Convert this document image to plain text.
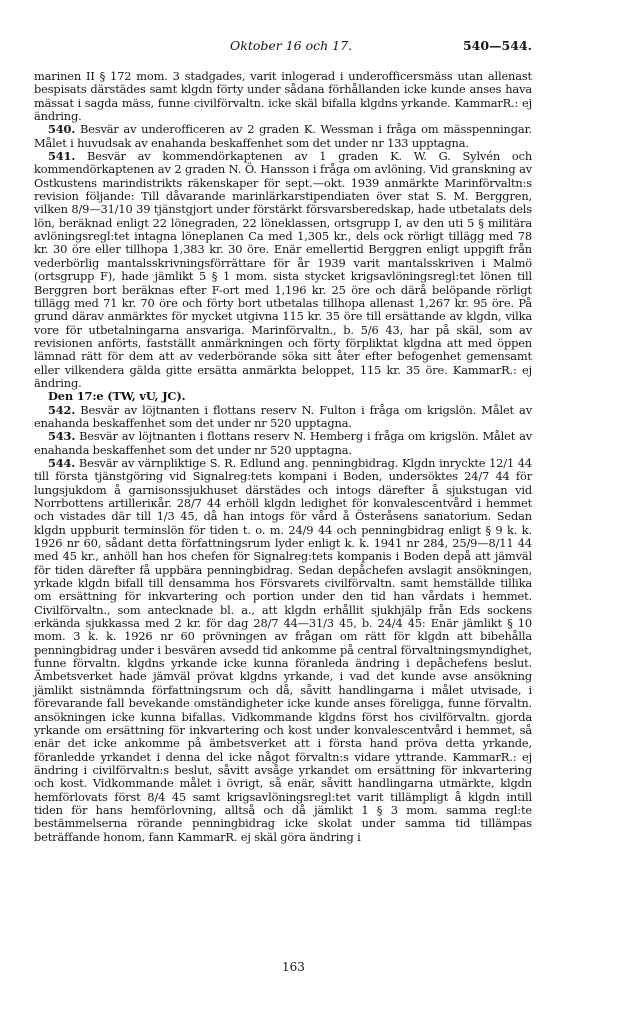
Oktober 16 och 17.	540—544.

marinen II § 172 mom. 3 stadgades, varit inlogerad i underofficersmäss utan allenast bespisats därstädes samt klgdn förty under sådana förhållanden icke kunde anses hava mässat i sagda mäss, funne civilförvaltn. icke skäl bifalla klgdns yrkande. KammarR.: ej ändring.

540. Besvär av underofficeren av 2 graden K. Wessman i fråga om mässpenningar. Målet i huvudsak av enahanda beskaffenhet som det under nr 133 upptagna.

541. Besvär av kommendörkaptenen av 1 graden K. W. G. Sylvén och kommendörkaptenen av 2 graden N. Ö. Hansson i fråga om avlöning. Vid granskning av Ostkustens marindistrikts räkenskaper för sept.—okt. 1939 anmärkte Marinförvaltn:s revision följande: Till dåvarande marinlärkarstipendiaten över stat S. M. Berggren, vilken 8/9—31/10 39 tjänstgjort under förstärkt försvarsberedskap, hade utbetalats dels lön, beräknad enligt 22 lönegraden, 22 löneklassen, ortsgrupp I, av den uti 5 § militära avlöningsregl:tet intagna löneplanen Ca med 1,305 kr., dels ock rörligt tillägg med 78 kr. 30 öre eller tillhopa 1,383 kr. 30 öre. Enär emellertid Berggren enligt uppgift från vederbörlig mantalsskrivningsförrättare för år 1939 varit mantalsskriven i Malmö (ortsgrupp F), hade jämlikt 5 § 1 mom. sista stycket krigsavlöningsregl:tet lönen till Berggren bort beräknas efter F-ort med 1,196 kr. 25 öre och därå belöpande rörligt tillägg med 71 kr. 70 öre och förty bort utbetalas tillhopa allenast 1,267 kr. 95 öre. På grund därav anmärktes för mycket utgivna 115 kr. 35 öre till ersättande av klgdn, vilka vore för utbetalningarna ansvariga. Marinförvaltn., b. 5/6 43, har på skäl, som av revisionen anförts, fastställt anmärkningen och förty förpliktat klgdna att med öppen lämnad rätt för dem att av vederbörande söka sitt åter efter befogenhet gemensamt eller vilkendera gälda gitte ersätta anmärkta beloppet, 115 kr. 35 öre. KammarR.: ej ändring.

Den 17:e (TW, vU, JC).

542. Besvär av löjtnanten i flottans reserv N. Fulton i fråga om krigslön. Målet av enahanda beskaffenhet som det under nr 520 upptagna.

543. Besvär av löjtnanten i flottans reserv N. Hemberg i fråga om krigslön. Målet av enahanda beskaffenhet som det under nr 520 upptagna.

544. Besvär av värnpliktige S. R. Edlund ang. penningbidrag. Klgdn inryckte 12/1 44 till första tjänstgöring vid Signalreg:tets kompani i Boden, undersöktes 24/7 44 för lungsjukdom å garnisonssjukhuset därstädes och intogs därefter å sjukstugan vid Norrbottens artilleriкår. 28/7 44 erhöll klgdn ledighet för konvalescentvård i hemmet och vistades där till 1/3 45, då han intogs för vård å Österåsens sanatorium. Sedan klgdn uppburit terminslön för tiden t. o. m. 24/9 44 och penningbidrag enligt § 9 k. k. 1926 nr 60, sådant detta författningsrum lyder enligt k. k. 1941 nr 284, 25/9—8/11 44 med 45 kr., anhöll han hos chefen för Signalreg:tets kompanis i Boden depå att jämväl för tiden därefter få uppbära penningbidrag. Sedan depåchefen avslagit ansökningen, yrkade klgdn bifall till densamma hos Försvarets civilförvaltn. samt hemställde tillika om ersättning för inkvartering och portion under den tid han vårdats i hemmet. Civilförvaltn., som antecknade bl. a., att klgdn erhållit sjukhjälp från Eds sockens erkända sjukkassa med 2 kr. för dag 28/7 44—31/3 45, b. 24/4 45: Enär jämlikt § 10 mom. 3 k. k. 1926 nr 60 prövningen av frågan om rätt för klgdn att bibehålla penningbidrag under i besvären avsedd tid ankomme på central förvaltningsmyndighet, funne förvaltn. klgdns yrkande icke kunna föranleda ändring i depåchefens beslut. Ämbetsverket hade jämväl prövat klgdns yrkande, i vad det kunde avse ansökning jämlikt sistnämnda författningsrum och då, såvitt handlingarna i målet utvisade, i förevarande fall bevekande omständigheter icke kunde anses föreligga, funne förvaltn. ansökningen icke kunna bifallas. Vidkommande klgdns först hos civilförvaltn. gjorda yrkande om ersättning för inkvartering och kost under konvalescentvård i hemmet, så enär det icke ankomme på ämbetsverket att i första hand pröva detta yrkande, föranledde yrkandet i denna del icke något förvaltn:s vidare yttrande. KammarR.: ej ändring i civilförvaltn:s beslut, såvitt avsåge yrkandet om ersättning för inkvartering och kost. Vidkommande målet i övrigt, så enär, såvitt handlingarna utmärkte, klgdn hemförlovats först 8/4 45 samt krigsavlöningsregl:tet varit tillämpligt å klgdn intill tiden för hans hemförlovning, alltså och då jämlikt 1 § 3 mom. samma regl:te bestämmelserna rörande penningbidrag icke skolat under samma tid tillämpas beträffande honom, fann KammarR. ej skäl göra ändring i

163
